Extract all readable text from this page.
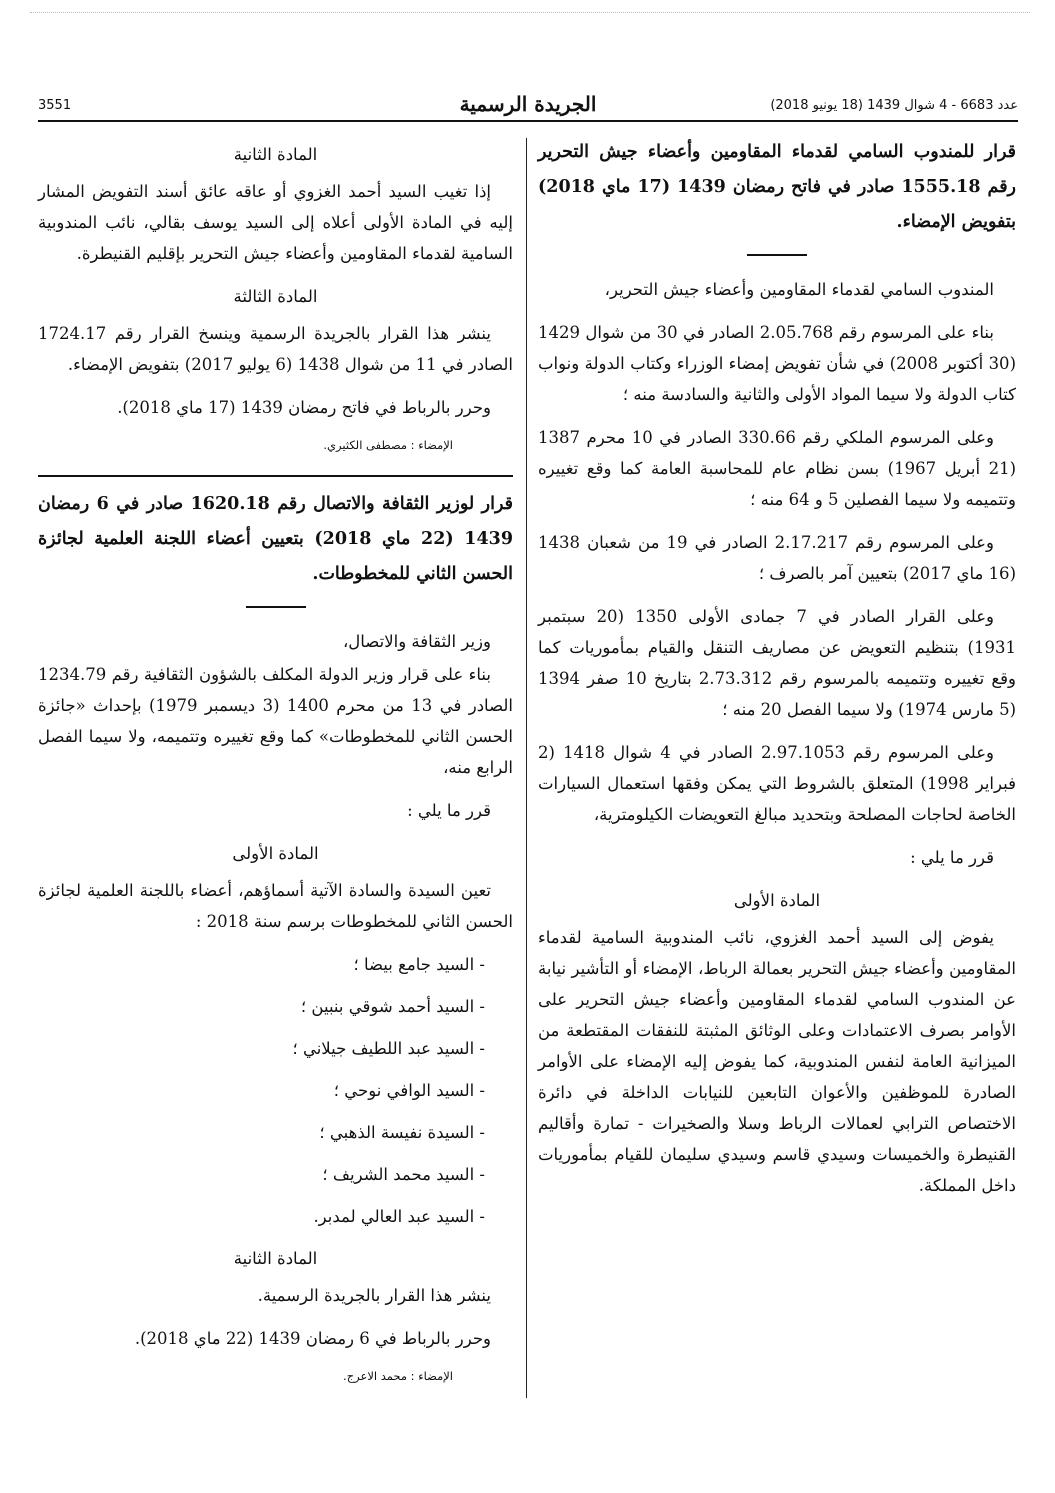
3551	الجريدة الرسمية	عدد 6683 - 4 شوال 1439 (18 يونيو 2018)

قرار للمندوب السامي لقدماء المقاومين وأعضاء جيش التحرير رقم 1555.18 صادر في فاتح رمضان 1439 (17 ماي 2018) بتفويض الإمضاء.

المندوب السامي لقدماء المقاومين وأعضاء جيش التحرير،

بناء على المرسوم رقم 2.05.768 الصادر في 30 من شوال 1429 (30 أكتوبر 2008) في شأن تفويض إمضاء الوزراء وكتاب الدولة ونواب كتاب الدولة ولا سيما المواد الأولى والثانية والسادسة منه ؛

وعلى المرسوم الملكي رقم 330.66 الصادر في 10 محرم 1387 (21 أبريل 1967) بسن نظام عام للمحاسبة العامة كما وقع تغييره وتتميمه ولا سيما الفصلين 5 و 64 منه ؛

وعلى المرسوم رقم 2.17.217 الصادر في 19 من شعبان 1438 (16 ماي 2017) بتعيين آمر بالصرف ؛

وعلى القرار الصادر في 7 جمادى الأولى 1350 (20 سبتمبر 1931) بتنظيم التعويض عن مصاريف التنقل والقيام بمأموريات كما وقع تغييره وتتميمه بالمرسوم رقم 2.73.312 بتاريخ 10 صفر 1394 (5 مارس 1974) ولا سيما الفصل 20 منه ؛

وعلى المرسوم رقم 2.97.1053 الصادر في 4 شوال 1418 (2 فبراير 1998) المتعلق بالشروط التي يمكن وفقها استعمال السيارات الخاصة لحاجات المصلحة وبتحديد مبالغ التعويضات الكيلومترية،

قرر ما يلي :

المادة الأولى

يفوض إلى السيد أحمد الغزوي، نائب المندوبية السامية لقدماء المقاومين وأعضاء جيش التحرير بعمالة الرباط، الإمضاء أو التأشير نيابة عن المندوب السامي لقدماء المقاومين وأعضاء جيش التحرير على الأوامر بصرف الاعتمادات وعلى الوثائق المثبتة للنفقات المقتطعة من الميزانية العامة لنفس المندوبية، كما يفوض إليه الإمضاء على الأوامر الصادرة للموظفين والأعوان التابعين للنيابات الداخلة في دائرة الاختصاص الترابي لعمالات الرباط وسلا والصخيرات - تمارة وأقاليم القنيطرة والخميسات وسيدي قاسم وسيدي سليمان للقيام بمأموريات داخل المملكة.

المادة الثانية

إذا تغيب السيد أحمد الغزوي أو عاقه عائق أسند التفويض المشار إليه في المادة الأولى أعلاه إلى السيد يوسف بقالي، نائب المندوبية السامية لقدماء المقاومين وأعضاء جيش التحرير بإقليم القنيطرة.

المادة الثالثة

ينشر هذا القرار بالجريدة الرسمية وينسخ القرار رقم 1724.17 الصادر في 11 من شوال 1438 (6 يوليو 2017) بتفويض الإمضاء.

وحرر بالرباط في فاتح رمضان 1439 (17 ماي 2018).

الإمضاء : مصطفى الكثيري.

قرار لوزير الثقافة والاتصال رقم 1620.18 صادر في 6 رمضان 1439 (22 ماي 2018) بتعيين أعضاء اللجنة العلمية لجائزة الحسن الثاني للمخطوطات.

وزير الثقافة والاتصال،

بناء على قرار وزير الدولة المكلف بالشؤون الثقافية رقم 1234.79 الصادر في 13 من محرم 1400 (3 ديسمبر 1979) بإحداث «جائزة الحسن الثاني للمخطوطات» كما وقع تغييره وتتميمه، ولا سيما الفصل الرابع منه،

قرر ما يلي :

المادة الأولى

تعين السيدة والسادة الآتية أسماؤهم، أعضاء باللجنة العلمية لجائزة الحسن الثاني للمخطوطات برسم سنة 2018 :

- السيد جامع بيضا ؛
- السيد أحمد شوقي بنبين ؛
- السيد عبد اللطيف جيلاني ؛
- السيد الوافي نوحي ؛
- السيدة نفيسة الذهبي ؛
- السيد محمد الشريف ؛
- السيد عبد العالي لمدبر.

المادة الثانية

ينشر هذا القرار بالجريدة الرسمية.

وحرر بالرباط في 6 رمضان 1439 (22 ماي 2018).

الإمضاء : محمد الاعرج.
